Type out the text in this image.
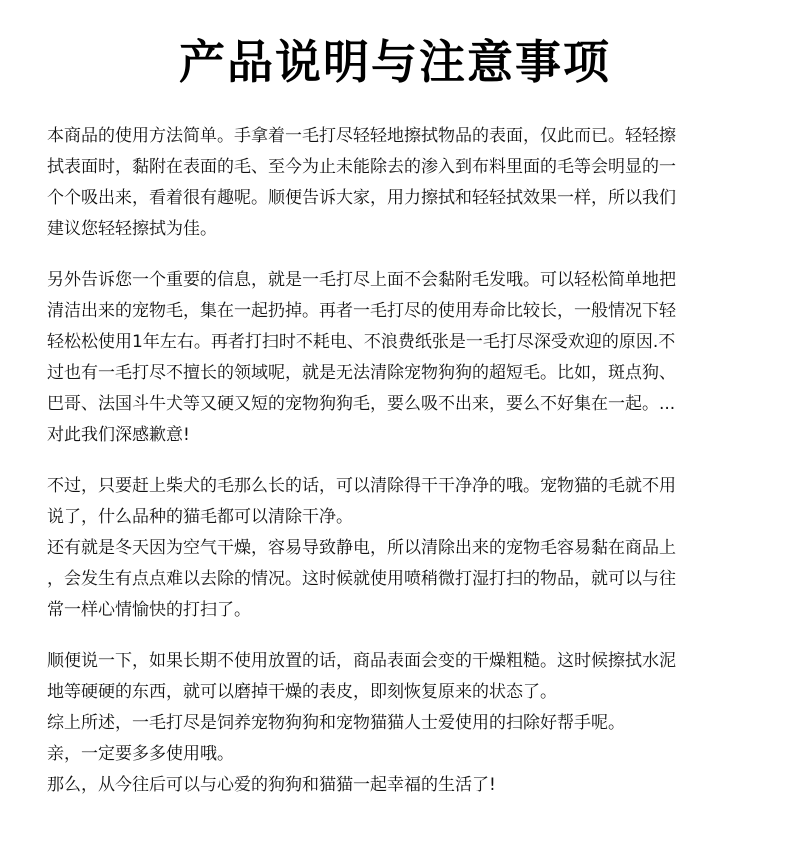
产品说明与注意事项
本商品的使用方法简单。手拿着一毛打尽轻轻地擦拭物品的表面，仅此而已。轻轻擦
拭表面时，黏附在表面的毛、至今为止未能除去的渗入到布料里面的毛等会明显的一
个个吸出来，看着很有趣呢。顺便告诉大家，用力擦拭和轻轻拭效果一样，所以我们
建议您轻轻擦拭为佳。
另外告诉您一个重要的信息，就是一毛打尽上面不会黏附毛发哦。可以轻松简单地把
清洁出来的宠物毛，集在一起扔掉。再者一毛打尽的使用寿命比较长，一般情况下轻
轻松松使用1年左右。再者打扫时不耗电、不浪费纸张是一毛打尽深受欢迎的原因.不
过也有一毛打尽不擅长的领域呢，就是无法清除宠物狗狗的超短毛。比如，斑点狗、
巴哥、法国斗牛犬等又硬又短的宠物狗狗毛，要么吸不出来，要么不好集在一起。...
对此我们深感歉意!
不过，只要赶上柴犬的毛那么长的话，可以清除得干干净净的哦。宠物猫的毛就不用
说了，什么品种的猫毛都可以清除干净。
还有就是冬天因为空气干燥，容易导致静电，所以清除出来的宠物毛容易黏在商品上
，会发生有点点难以去除的情况。这时候就使用喷稍微打湿打扫的物品，就可以与往
常一样心情愉快的打扫了。
顺便说一下，如果长期不使用放置的话，商品表面会变的干燥粗糙。这时候擦拭水泥
地等硬硬的东西，就可以磨掉干燥的表皮，即刻恢复原来的状态了。
综上所述，一毛打尽是饲养宠物狗狗和宠物猫猫人士爱使用的扫除好帮手呢。
亲，一定要多多使用哦。
那么，从今往后可以与心爱的狗狗和猫猫一起幸福的生活了!
